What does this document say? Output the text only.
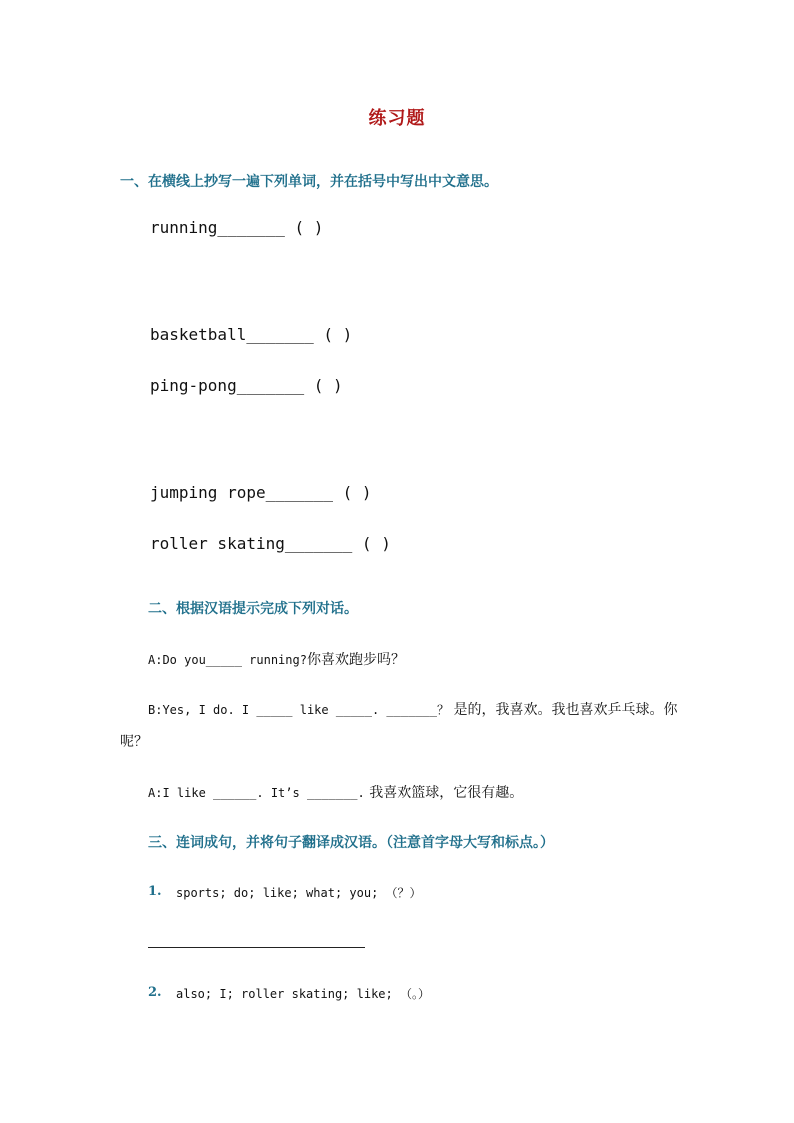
练习题
一、在横线上抄写一遍下列单词，并在括号中写出中文意思。
running_______ ( )
basketball_______ ( )
ping-pong_______ ( )
jumping rope_______ ( )
roller skating_______ ( )
二、根据汉语提示完成下列对话。
A:Do you_____ running?你喜欢跑步吗？
B:Yes, I do. I _____ like _____. _______？ 是的，我喜欢。我也喜欢乒乓球。你
呢？
A:I like ______. It’s _______. 我喜欢篮球，它很有趣。
三、连词成句，并将句子翻译成汉语。（注意首字母大写和标点。）
1. sports; do; like; what; you; （？）
2. also; I; roller skating; like; （。）
